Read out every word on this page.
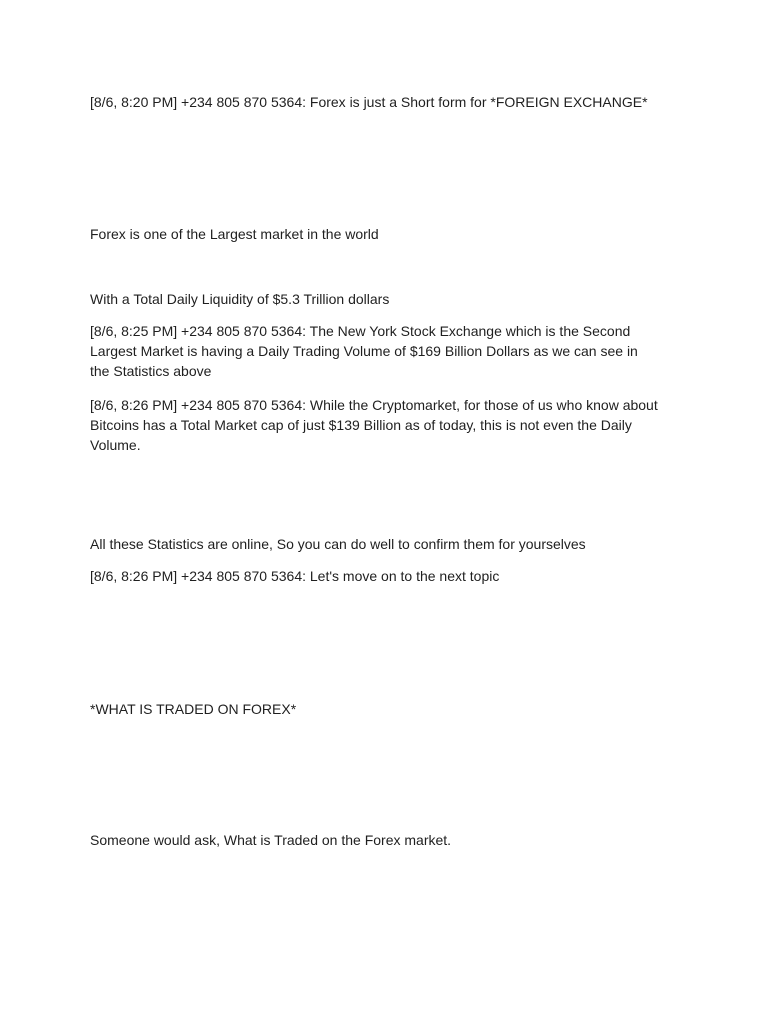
[8/6, 8:20 PM] +234 805 870 5364: Forex is just a Short form for *FOREIGN EXCHANGE*

Forex is one of the Largest market in the world

With a Total Daily Liquidity of $5.3 Trillion dollars

[8/6, 8:25 PM] +234 805 870 5364: The New York Stock Exchange which is the Second Largest Market is having a Daily Trading Volume of $169 Billion Dollars as we can see in the Statistics above

[8/6, 8:26 PM] +234 805 870 5364: While the Cryptomarket, for those of us who know about Bitcoins has a Total Market cap of just $139 Billion as of today, this is not even the Daily Volume.

All these Statistics are online, So you can do well to confirm them for yourselves

[8/6, 8:26 PM] +234 805 870 5364: Let's move on to the next topic

*WHAT IS TRADED ON FOREX*

Someone would ask, What is Traded on the Forex market.
